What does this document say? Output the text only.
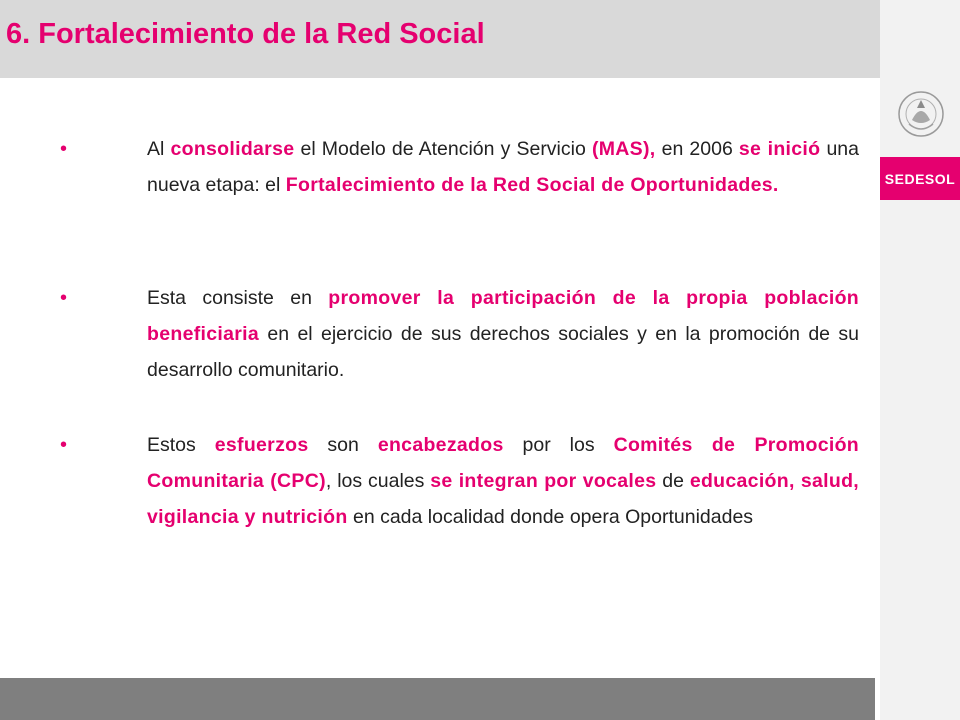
6. Fortalecimiento de la Red Social
SEDESOL
•	Al consolidarse el Modelo de Atención y Servicio (MAS), en 2006 se inició una nueva etapa: el Fortalecimiento de la Red Social de Oportunidades.

•	Esta consiste en promover la participación de la propia población beneficiaria en el ejercicio de sus derechos sociales y en la promoción de su desarrollo comunitario.

•	Estos esfuerzos son encabezados por los Comités de Promoción Comunitaria (CPC), los cuales se integran por vocales de educación, salud, vigilancia y nutrición en cada localidad donde opera Oportunidades
